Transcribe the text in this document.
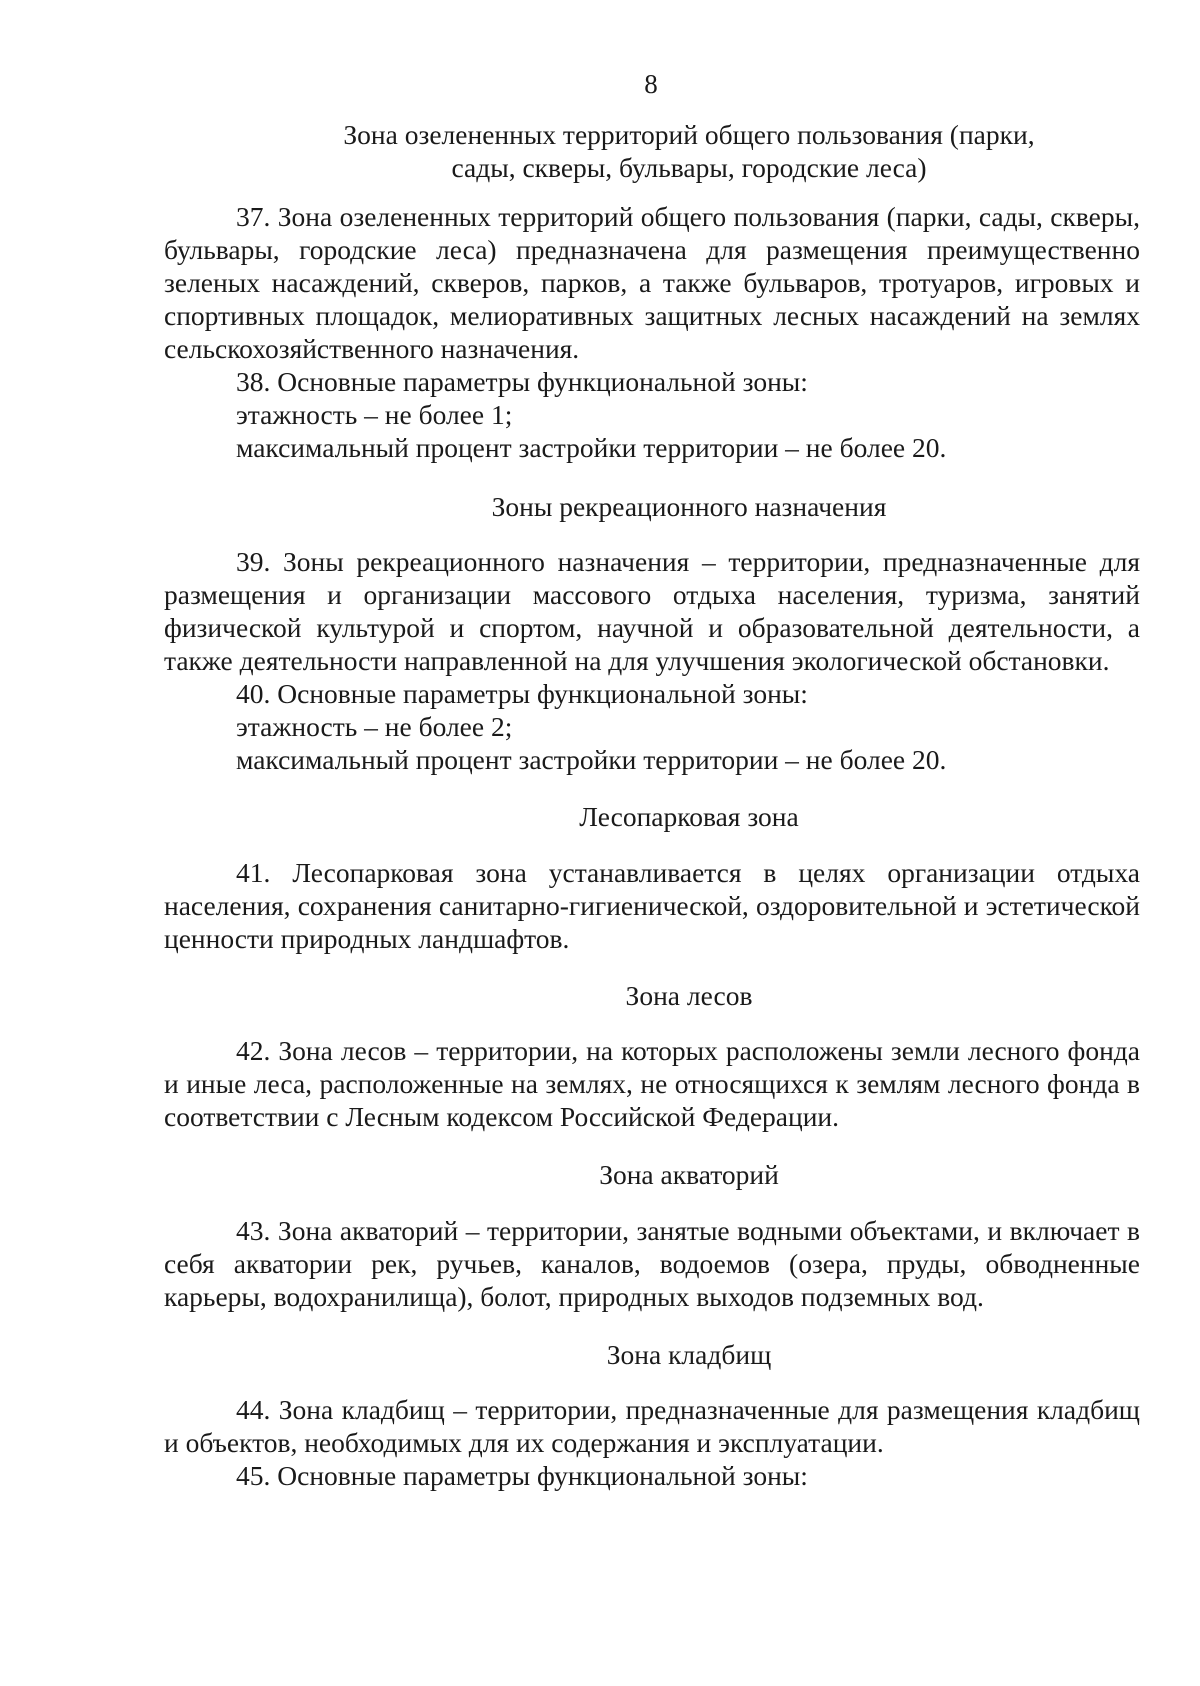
8
Зона озелененных территорий общего пользования (парки,
сады, скверы, бульвары, городские леса)

37. Зона озелененных территорий общего пользования (парки, сады, скверы, бульвары, городские леса) предназначена для размещения преимущественно зеленых насаждений, скверов, парков, а также бульваров, тротуаров, игровых и спортивных площадок, мелиоративных защитных лесных насаждений на землях сельскохозяйственного назначения.

38. Основные параметры функциональной зоны:
этажность – не более 1;
максимальный процент застройки территории – не более 20.
Зоны рекреационного назначения

39. Зоны рекреационного назначения – территории, предназначенные для размещения и организации массового отдыха населения, туризма, занятий физической культурой и спортом, научной и образовательной деятельности, а также деятельности направленной на для улучшения экологической обстановки.

40. Основные параметры функциональной зоны:
этажность – не более 2;
максимальный процент застройки территории – не более 20.
Лесопарковая зона

41. Лесопарковая зона устанавливается в целях организации отдыха населения, сохранения санитарно-гигиенической, оздоровительной и эстетической ценности природных ландшафтов.

Зона лесов

42. Зона лесов – территории, на которых расположены земли лесного фонда и иные леса, расположенные на землях, не относящихся к землям лесного фонда в соответствии с Лесным кодексом Российской Федерации.

Зона акваторий

43. Зона акваторий – территории, занятые водными объектами, и включает в себя акватории рек, ручьев, каналов, водоемов (озера, пруды, обводненные карьеры, водохранилища), болот, природных выходов подземных вод.

Зона кладбищ

44. Зона кладбищ – территории, предназначенные для размещения кладбищ и объектов, необходимых для их содержания и эксплуатации.

45. Основные параметры функциональной зоны:
